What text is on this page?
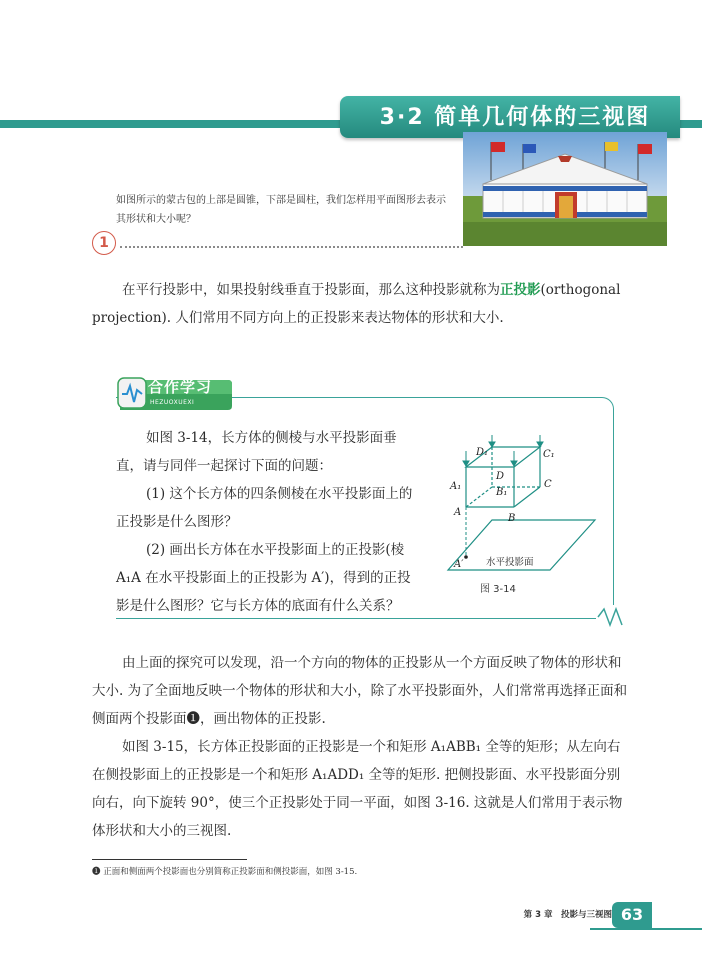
3·2 简单几何体的三视图
如图所示的蒙古包的上部是圆锥，下部是圆柱，我们怎样用平面图形去表示其形状和大小呢？
1
在平行投影中，如果投射线垂直于投影面，那么这种投影就称为正投影(orthogonal projection). 人们常用不同方向上的正投影来表达物体的形状和大小.
合作学习
HEZUOXUEXI

如图 3-14，长方体的侧棱与水平投影面垂直，请与同伴一起探讨下面的问题：

(1) 这个长方体的四条侧棱在水平投影面上的正投影是什么图形？

(2) 画出长方体在水平投影面上的正投影(棱 A₁A 在水平投影面上的正投影为 A′)，得到的正投影是什么图形？它与长方体的底面有什么关系？

D₁	C₁
A₁
B₁
D
C
A
B
A′ 水平投影面
图 3-14

由上面的探究可以发现，沿一个方向的物体的正投影从一个方面反映了物体的形状和大小. 为了全面地反映一个物体的形状和大小，除了水平投影面外，人们常常再选择正面和侧面两个投影面❶，画出物体的正投影.

如图 3-15，长方体正投影面的正投影是一个和矩形 A₁ABB₁ 全等的矩形；从左向右在侧投影面上的正投影是一个和矩形 A₁ADD₁ 全等的矩形. 把侧投影面、水平投影面分别向右，向下旋转 90°，使三个正投影处于同一平面，如图 3-16. 这就是人们常用于表示物体形状和大小的三视图.

❶ 正面和侧面两个投影面也分别简称正投影面和侧投影面，如图 3-15.
第 3 章　投影与三视图 63
